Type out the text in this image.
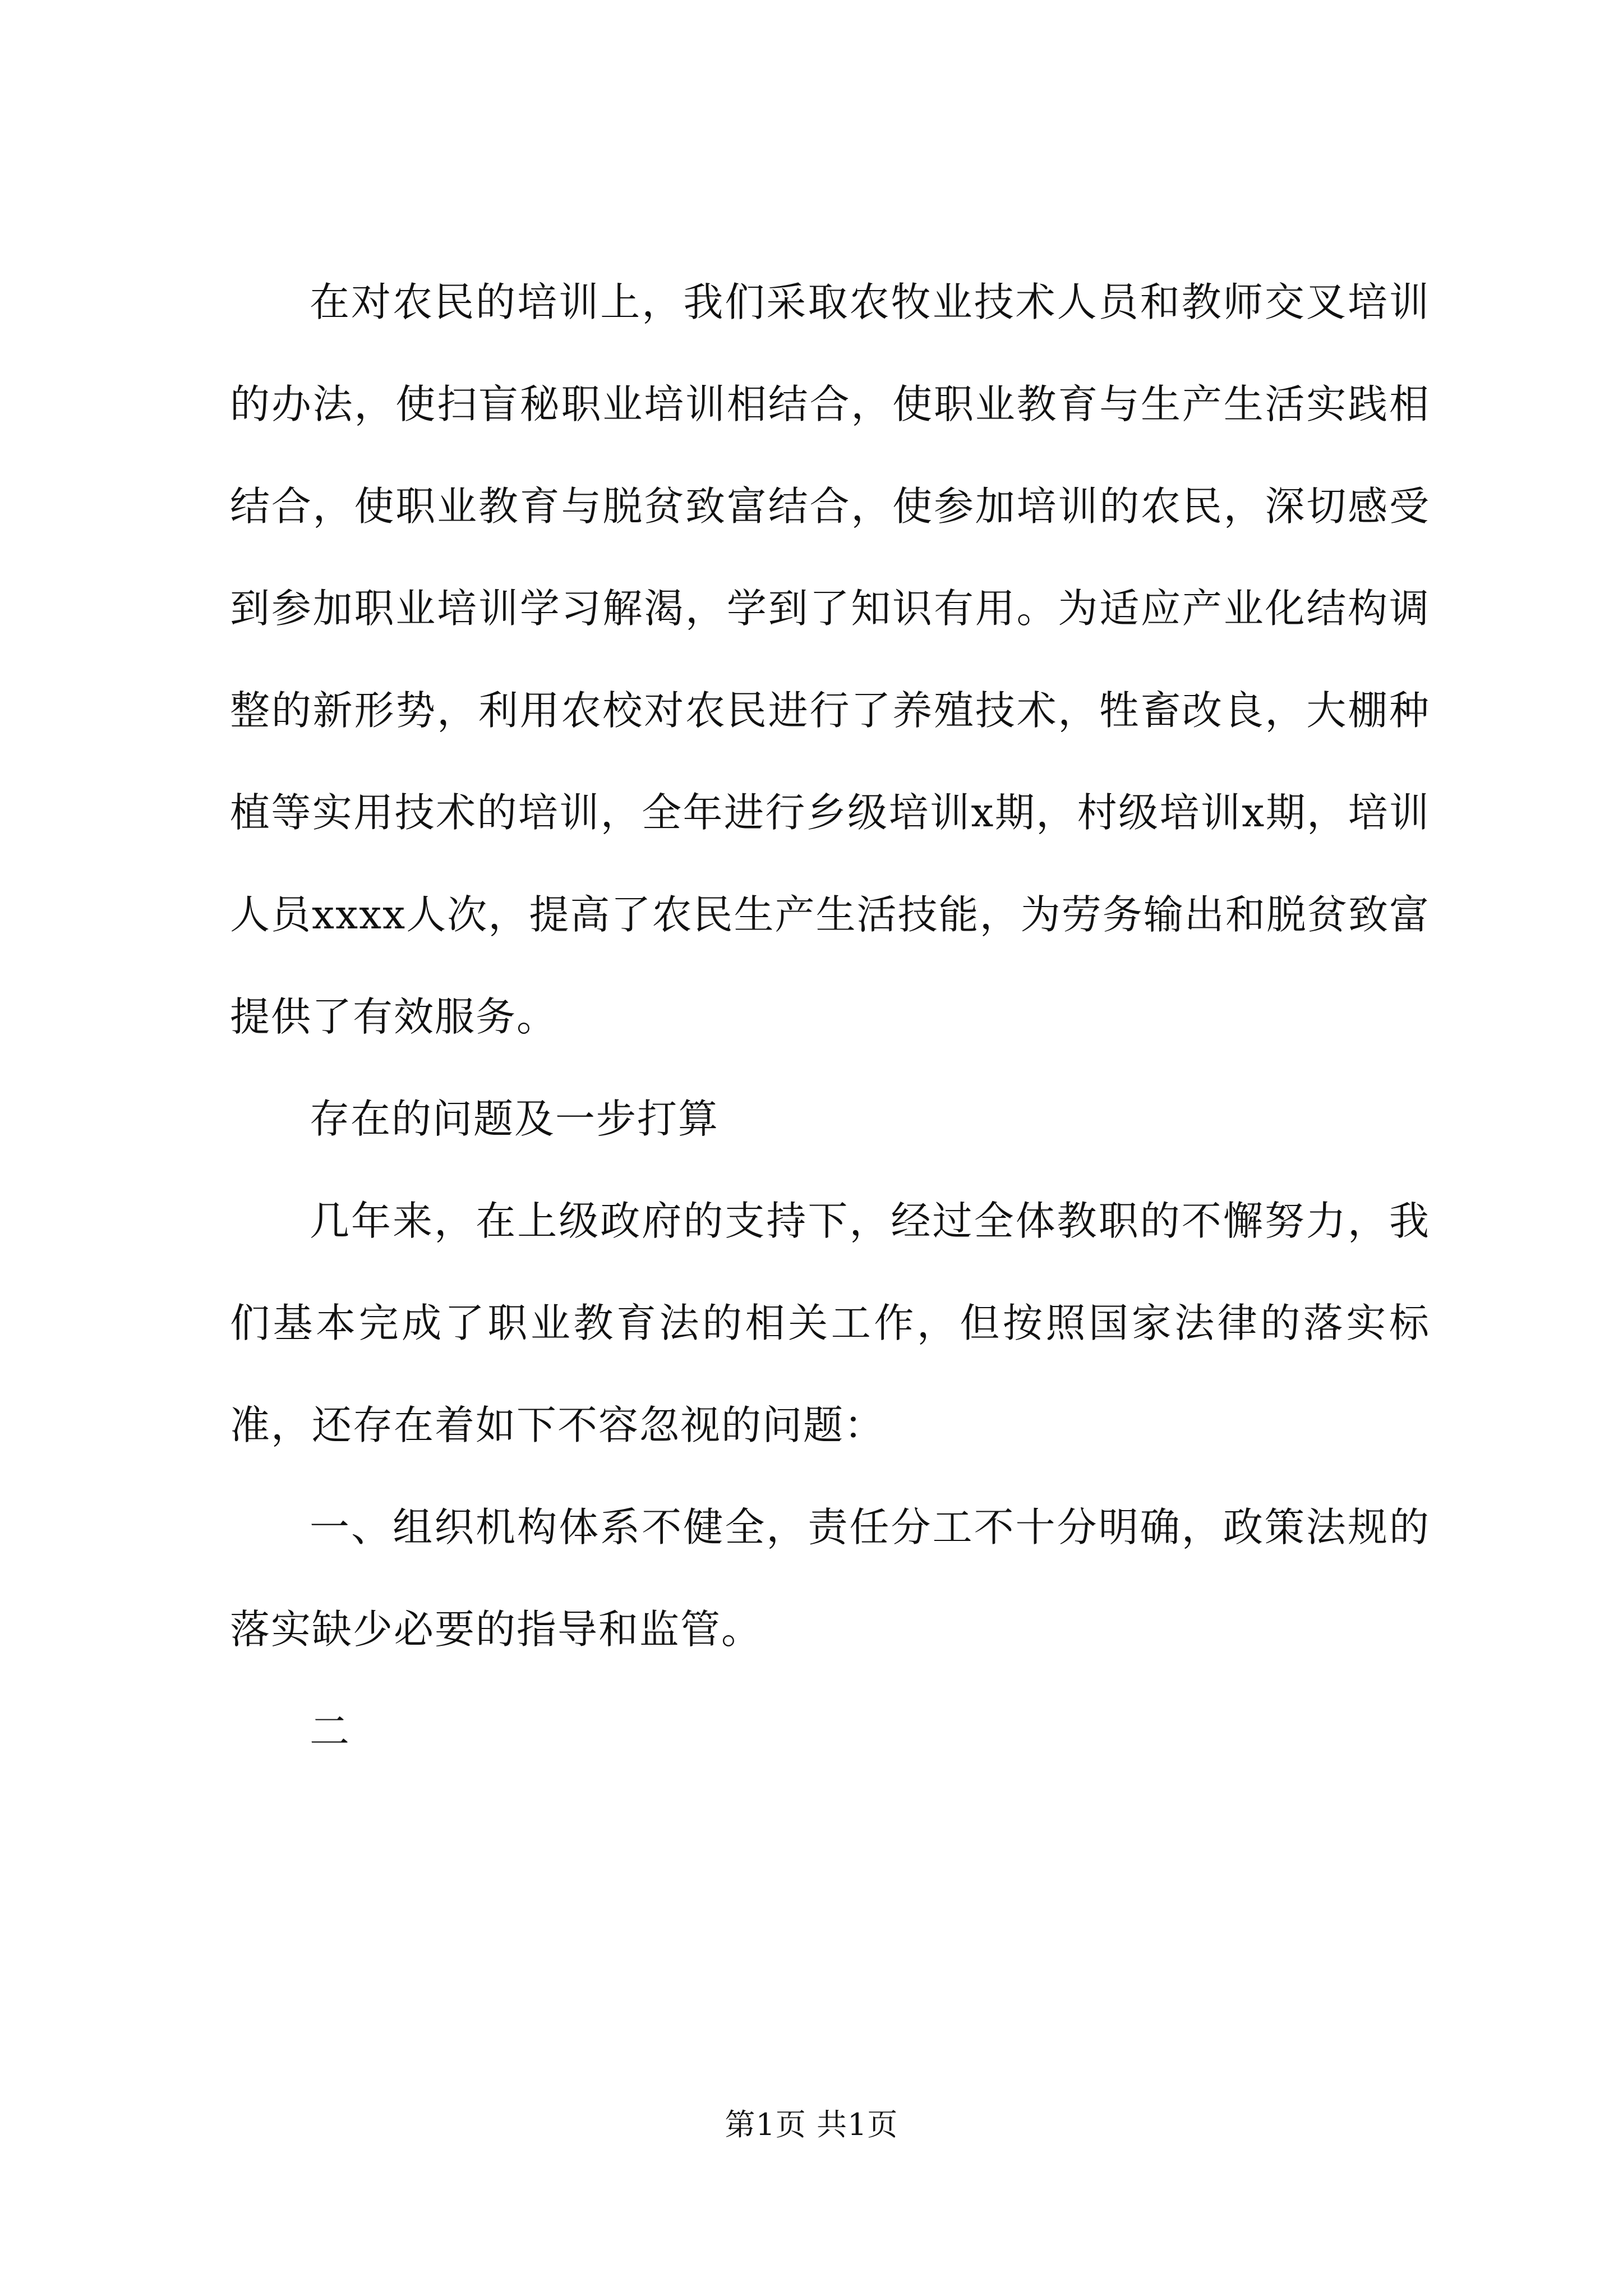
在对农民的培训上，我们采取农牧业技术人员和教师交叉培训的办法，使扫盲秘职业培训相结合，使职业教育与生产生活实践相结合，使职业教育与脱贫致富结合，使参加培训的农民，深切感受到参加职业培训学习解渴，学到了知识有用。为适应产业化结构调整的新形势，利用农校对农民进行了养殖技术，牲畜改良，大棚种植等实用技术的培训，全年进行乡级培训x期，村级培训x期，培训人员xxxx人次，提高了农民生产生活技能，为劳务输出和脱贫致富提供了有效服务。

存在的问题及一步打算

几年来，在上级政府的支持下，经过全体教职的不懈努力，我们基本完成了职业教育法的相关工作，但按照国家法律的落实标准，还存在着如下不容忽视的问题：

一、组织机构体系不健全，责任分工不十分明确，政策法规的落实缺少必要的指导和监管。

二

第1页 共1页
